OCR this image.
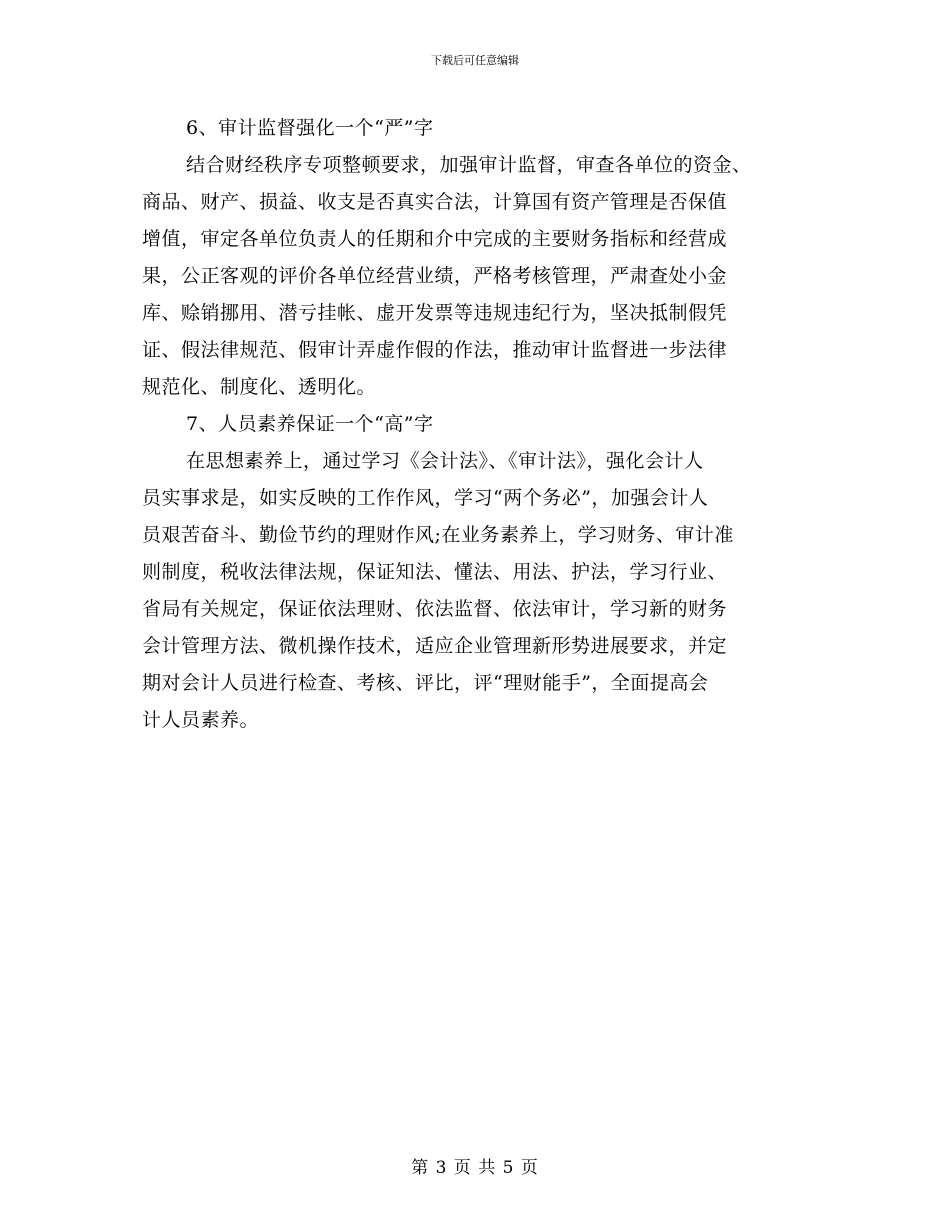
下载后可任意编辑
6、审计监督强化一个“严”字
结合财经秩序专项整顿要求，加强审计监督，审查各单位的资金、
商品、财产、损益、收支是否真实合法，计算国有资产管理是否保值
增值，审定各单位负责人的任期和介中完成的主要财务指标和经营成
果，公正客观的评价各单位经营业绩，严格考核管理，严肃查处小金
库、赊销挪用、潜亏挂帐、虚开发票等违规违纪行为，坚决抵制假凭
证、假法律规范、假审计弄虚作假的作法，推动审计监督进一步法律
规范化、制度化、透明化。
7、人员素养保证一个“高”字
在思想素养上，通过学习《会计法》、《审计法》，强化会计人
员实事求是，如实反映的工作作风，学习“两个务必”，加强会计人
员艰苦奋斗、勤俭节约的理财作风;在业务素养上，学习财务、审计准
则制度，税收法律法规，保证知法、懂法、用法、护法，学习行业、
省局有关规定，保证依法理财、依法监督、依法审计，学习新的财务
会计管理方法、微机操作技术，适应企业管理新形势进展要求，并定
期对会计人员进行检查、考核、评比，评“理财能手”，全面提高会
计人员素养。
第 3 页 共 5 页
